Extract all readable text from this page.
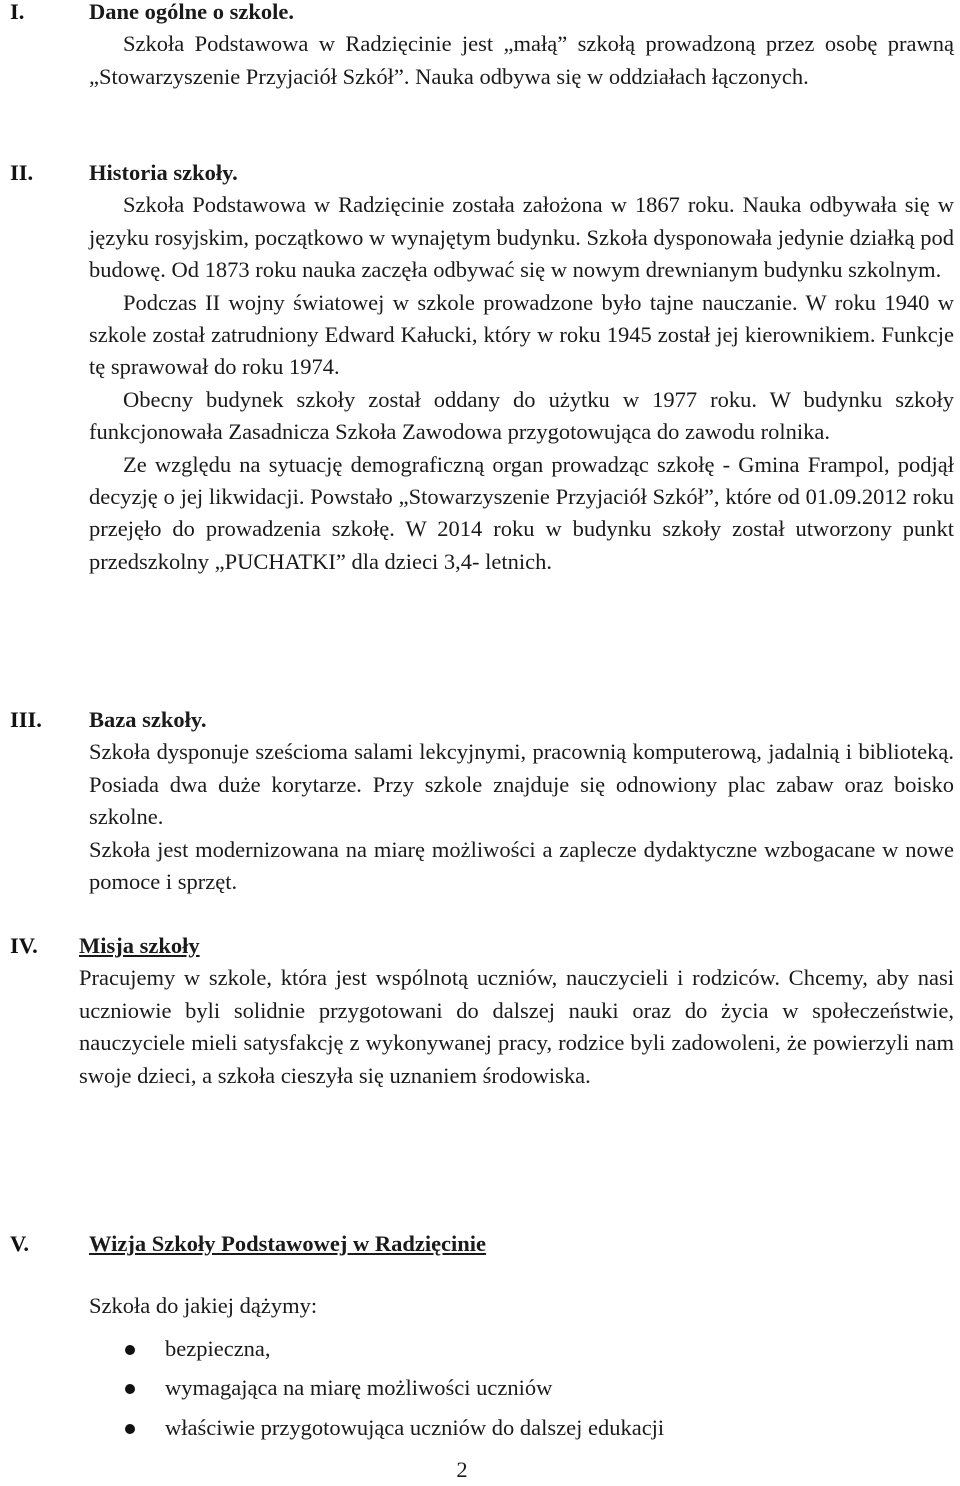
I.	Dane ogólne o szkole.

Szkoła Podstawowa w Radzięcinie jest „małą” szkołą prowadzoną przez osobę prawną „Stowarzyszenie Przyjaciół Szkół”. Nauka odbywa się w oddziałach łączonych.

II. Historia szkoły.

Szkoła Podstawowa w Radzięcinie została założona w 1867 roku. Nauka odbywała się w języku rosyjskim, początkowo w wynajętym budynku. Szkoła dysponowała jedynie działką pod budowę. Od 1873 roku nauka zaczęła odbywać się w nowym drewnianym budynku szkolnym.

Podczas II wojny światowej w szkole prowadzone było tajne nauczanie. W roku 1940 w szkole został zatrudniony Edward Kałucki, który w roku 1945 został jej kierownikiem. Funkcje tę sprawował do roku 1974.

Obecny budynek szkoły został oddany do użytku w 1977 roku. W budynku szkoły funkcjonowała Zasadnicza Szkoła Zawodowa przygotowująca do zawodu rolnika.

Ze względu na sytuację demograficzną organ prowadząc szkołę - Gmina Frampol, podjął decyzję o jej likwidacji. Powstało „Stowarzyszenie Przyjaciół Szkół”, które od 01.09.2012 roku przejęło do prowadzenia szkołę. W 2014 roku w budynku szkoły został utworzony punkt przedszkolny „PUCHATKI” dla dzieci 3,4- letnich.

III. Baza szkoły.

Szkoła dysponuje sześcioma salami lekcyjnymi, pracownią komputerową, jadalnią i biblioteką. Posiada dwa duże korytarze. Przy szkole znajduje się odnowiony plac zabaw oraz boisko szkolne.

Szkoła jest modernizowana na miarę możliwości a zaplecze dydaktyczne wzbogacane w nowe pomoce i sprzęt.

IV. Misja szkoły

Pracujemy w szkole, która jest wspólnotą uczniów, nauczycieli i rodziców. Chcemy, aby nasi uczniowie byli solidnie przygotowani do dalszej nauki oraz do życia w społeczeństwie, nauczyciele mieli satysfakcję z wykonywanej pracy, rodzice byli zadowoleni, że powierzyli nam swoje dzieci, a szkoła cieszyła się uznaniem środowiska.

V.	Wizja Szkoły Podstawowej w Radzięcinie

Szkoła do jakiej dążymy:

bezpieczna,
wymagająca na miarę możliwości uczniów
właściwie przygotowująca uczniów do dalszej edukacji
2
